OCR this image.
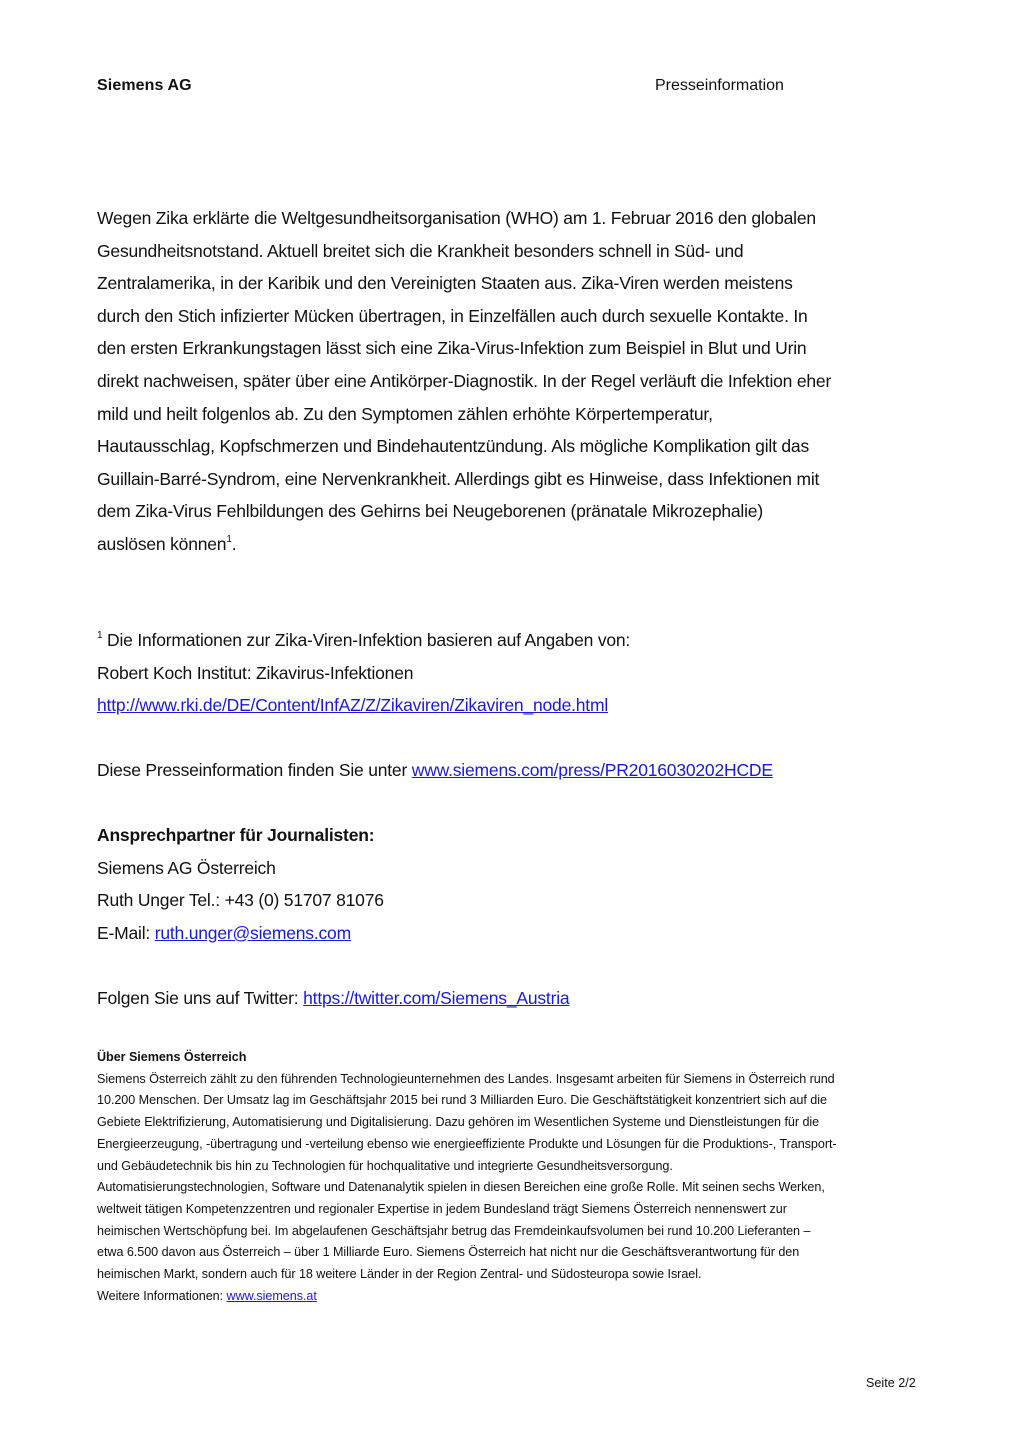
Siemens AG	Presseinformation
Wegen Zika erklärte die Weltgesundheitsorganisation (WHO) am 1. Februar 2016 den globalen
Gesundheitsnotstand. Aktuell breitet sich die Krankheit besonders schnell in Süd- und
Zentralamerika, in der Karibik und den Vereinigten Staaten aus. Zika-Viren werden meistens
durch den Stich infizierter Mücken übertragen, in Einzelfällen auch durch sexuelle Kontakte. In
den ersten Erkrankungstagen lässt sich eine Zika-Virus-Infektion zum Beispiel in Blut und Urin
direkt nachweisen, später über eine Antikörper-Diagnostik. In der Regel verläuft die Infektion eher
mild und heilt folgenlos ab. Zu den Symptomen zählen erhöhte Körpertemperatur,
Hautausschlag, Kopfschmerzen und Bindehautentzündung. Als mögliche Komplikation gilt das
Guillain-Barré-Syndrom, eine Nervenkrankheit. Allerdings gibt es Hinweise, dass Infektionen mit
dem Zika-Virus Fehlbildungen des Gehirns bei Neugeborenen (pränatale Mikrozephalie)
auslösen können$^1$.
$^1$ Die Informationen zur Zika-Viren-Infektion basieren auf Angaben von:
Robert Koch Institut: Zikavirus-Infektionen
http://www.rki.de/DE/Content/InfAZ/Z/Zikaviren/Zikaviren_node.html
Diese Presseinformation finden Sie unter www.siemens.com/press/PR2016030202HCDE
Ansprechpartner für Journalisten:
Siemens AG Österreich
Ruth Unger Tel.: +43 (0) 51707 81076
E-Mail: ruth.unger@siemens.com
Folgen Sie uns auf Twitter: https://twitter.com/Siemens_Austria
Über Siemens Österreich
Siemens Österreich zählt zu den führenden Technologieunternehmen des Landes. Insgesamt arbeiten für Siemens in Österreich rund
10.200 Menschen. Der Umsatz lag im Geschäftsjahr 2015 bei rund 3 Milliarden Euro. Die Geschäftstätigkeit konzentriert sich auf die
Gebiete Elektrifizierung, Automatisierung und Digitalisierung. Dazu gehören im Wesentlichen Systeme und Dienstleistungen für die
Energieerzeugung, -übertragung und -verteilung ebenso wie energieeffiziente Produkte und Lösungen für die Produktions-, Transport-
und Gebäudetechnik bis hin zu Technologien für hochqualitative und integrierte Gesundheitsversorgung.
Automatisierungstechnologien, Software und Datenanalytik spielen in diesen Bereichen eine große Rolle. Mit seinen sechs Werken,
weltweit tätigen Kompetenzzentren und regionaler Expertise in jedem Bundesland trägt Siemens Österreich nennenswert zur
heimischen Wertschöpfung bei. Im abgelaufenen Geschäftsjahr betrug das Fremdeinkaufsvolumen bei rund 10.200 Lieferanten –
etwa 6.500 davon aus Österreich – über 1 Milliarde Euro. Siemens Österreich hat nicht nur die Geschäftsverantwortung für den
heimischen Markt, sondern auch für 18 weitere Länder in der Region Zentral- und Südosteuropa sowie Israel.
Weitere Informationen: www.siemens.at
Seite 2/2
